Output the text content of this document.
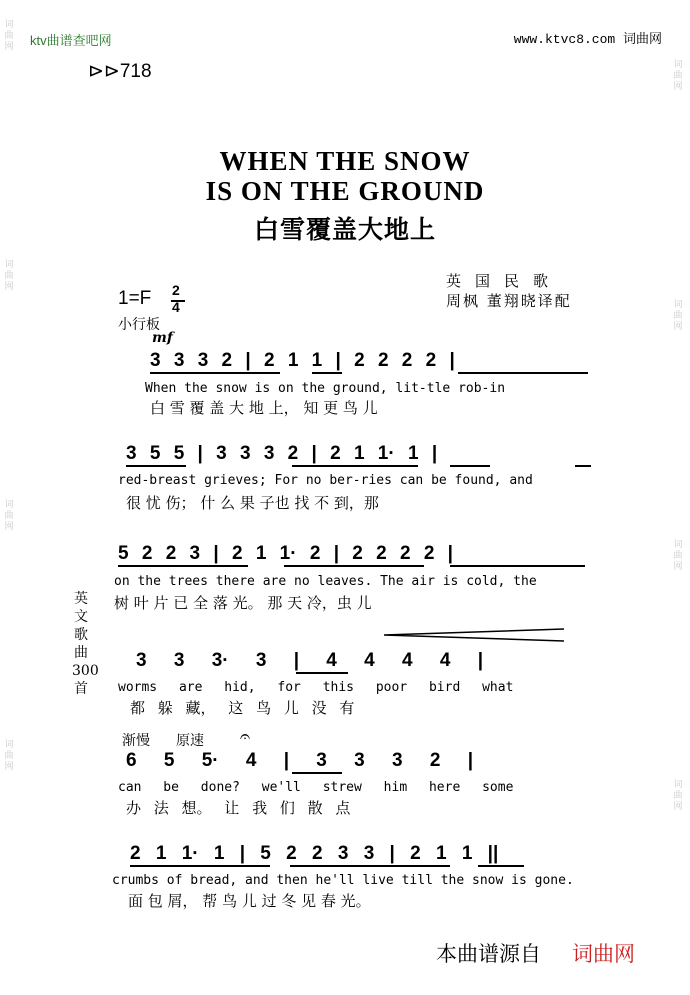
ktv曲谱查吧网	www.ktvc8.com 词曲网
⊳⊳718
WHEN THE SNOW
IS ON THE GROUND
白雪覆盖大地上
英国民歌
周枫 董翔晓译配
1=F 2
4
小行板
mf
3 3 3 2 | 2 1 1 | 2 2 2 2 |
When the snow is on the ground, lit-tle rob-in
白 雪 覆 盖 大 地 上， 知 更 鸟 儿
3 5 5 | 3 3 3 2 | 2 1 1· 1 |
red-breast grieves; For no ber-ries can be found, and
很 忧 伤； 什 么 果 子也 找 不 到，那
5 2 2 3 | 2 1 1· 2 | 2 2 2 2 |
on the trees there are no leaves. The air is cold, the
树 叶 片 已 全 落 光。 那 天 冷，虫 儿
3 3 3· 3 | 4 4 4 4 |
worms are hid, for this poor bird what
都 躲 藏， 这 鸟 儿 没 有
渐慢 原速 𝄐
6 5 5· 4 | 3 3 3 2 |
can be done? we'll strew him here some
办 法 想。 让 我 们 散 点
2 1 1· 1 | 5 2 2 3 3 | 2 1 1 ||
crumbs of bread, and then he'll live till the snow is gone.
面 包 屑， 帮 鸟 儿 过 冬 见 春 光。
英文歌曲300首
本曲谱源自 词曲网
词曲网
词曲网
词曲网
词曲网
词曲网
词曲网
词曲网
词曲网
